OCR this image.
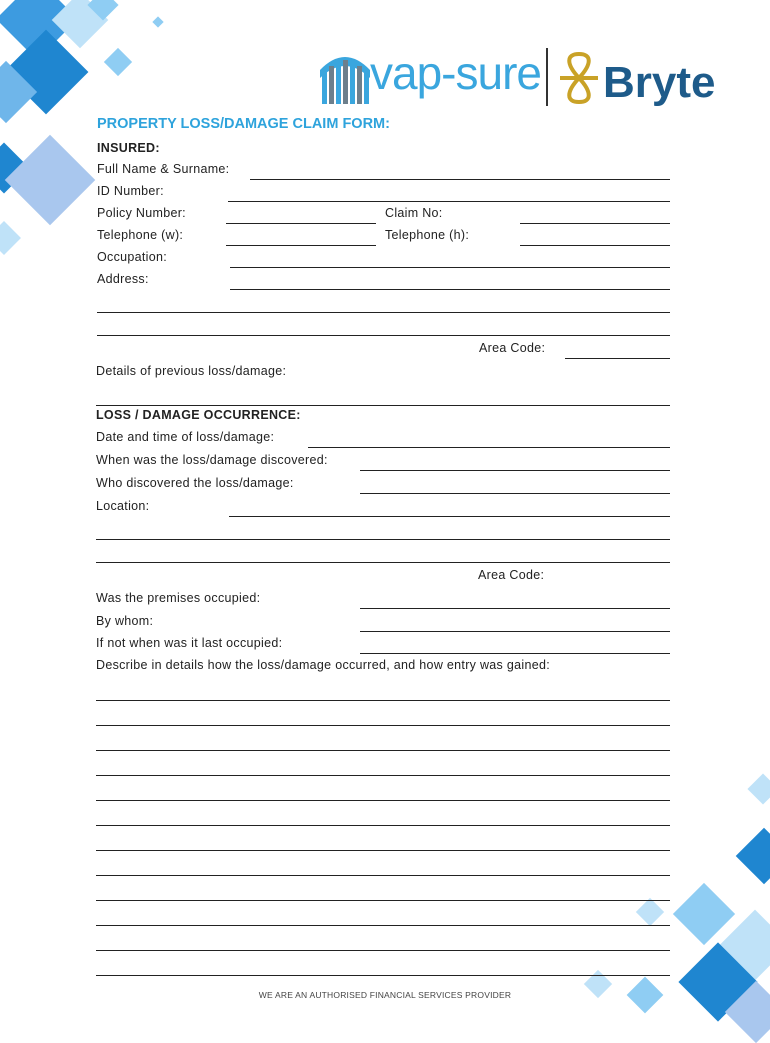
vap-sure Bryte
PROPERTY LOSS/DAMAGE CLAIM FORM:
INSURED:
Full Name & Surname:
ID Number:
Policy Number:	Claim No:
Telephone (w):	Telephone (h):
Occupation:
Address:
Area Code:
Details of previous loss/damage:
LOSS / DAMAGE OCCURRENCE:
Date and time of loss/damage:
When was the loss/damage discovered:
Who discovered the loss/damage:
Location:
Area Code:
Was the premises occupied:
By whom:
If not when was it last occupied:
Describe in details how the loss/damage occurred, and how entry was gained:
WE ARE AN AUTHORISED FINANCIAL SERVICES PROVIDER
